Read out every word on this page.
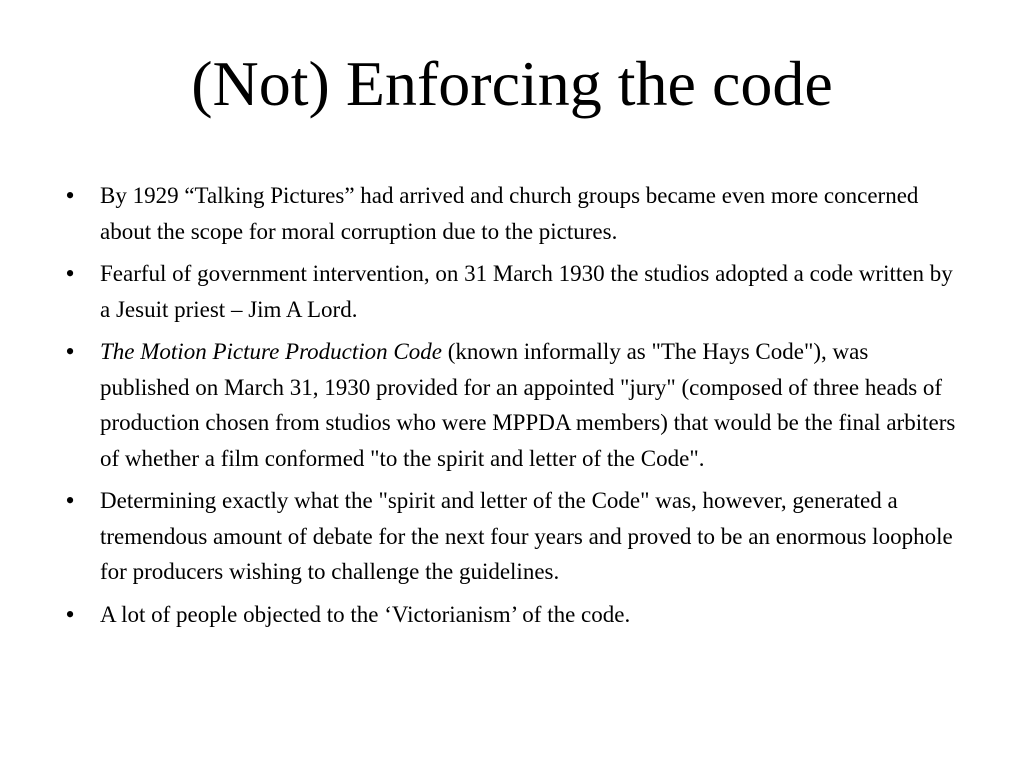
(Not) Enforcing the code
• By 1929 “Talking Pictures” had arrived and church groups became even more concerned about the scope for moral corruption due to the pictures.
• Fearful of government intervention, on 31 March 1930 the studios adopted a code written by a Jesuit priest – Jim A Lord.
• The Motion Picture Production Code (known informally as "The Hays Code"), was published on March 31, 1930 provided for an appointed "jury" (composed of three heads of production chosen from studios who were MPPDA members) that would be the final arbiters of whether a film conformed "to the spirit and letter of the Code".
• Determining exactly what the "spirit and letter of the Code" was, however, generated a tremendous amount of debate for the next four years and proved to be an enormous loophole for producers wishing to challenge the guidelines.
• A lot of people objected to the ‘Victorianism’ of the code.
